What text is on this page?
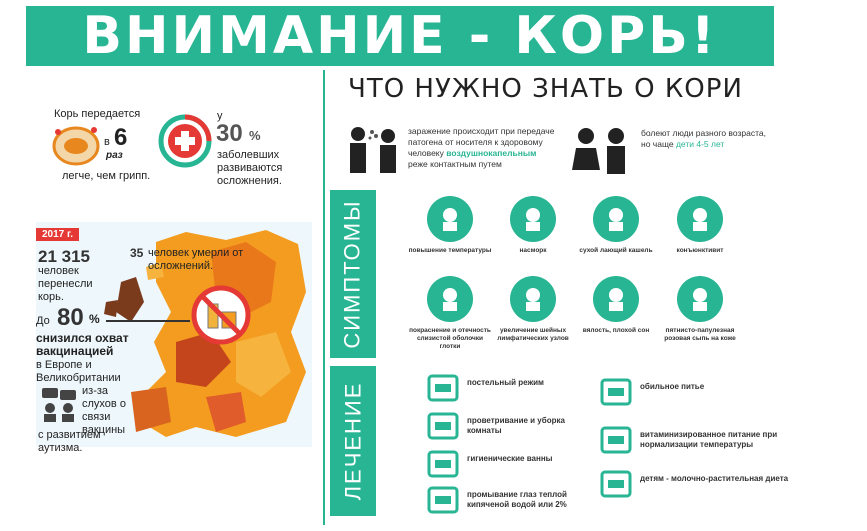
ВНИМАНИЕ - КОРЬ!
Корь передается
в 6
раз
легче, чем грипп.
у
30 %
заболевших развиваются осложнения.
2017 г.
21 315
человек перенесли корь.
35 человек умерли от осложнений.
До 80 %
снизился охват вакцинацией
в Европе и Великобритании
из-за слухов о связи вакцины
с развитием аутизма.
ЧТО НУЖНО ЗНАТЬ О КОРИ
заражение происходит при передаче патогена от носителя к здоровому человеку воздушнокапельным реже контактным путем
болеют люди разного возраста, но чаще дети 4-5 лет
СИМПТОМЫ	повышение температуры	насморк	сухой лающий кашель	конъюнктивит
покраснение и отечность слизистой оболочки глотки
увеличение шейных лимфатических узлов
вялость, плохой сон	пятнисто-папулезная розовая сыпь на коже
ЛЕЧЕНИЕ	постельный режим
проветривание и уборка комнаты
гигиенические ванны
промывание глаз теплой кипяченой водой или 2%
обильное питье
витаминизированное питание при нормализации температуры
детям - молочно-растительная диета
